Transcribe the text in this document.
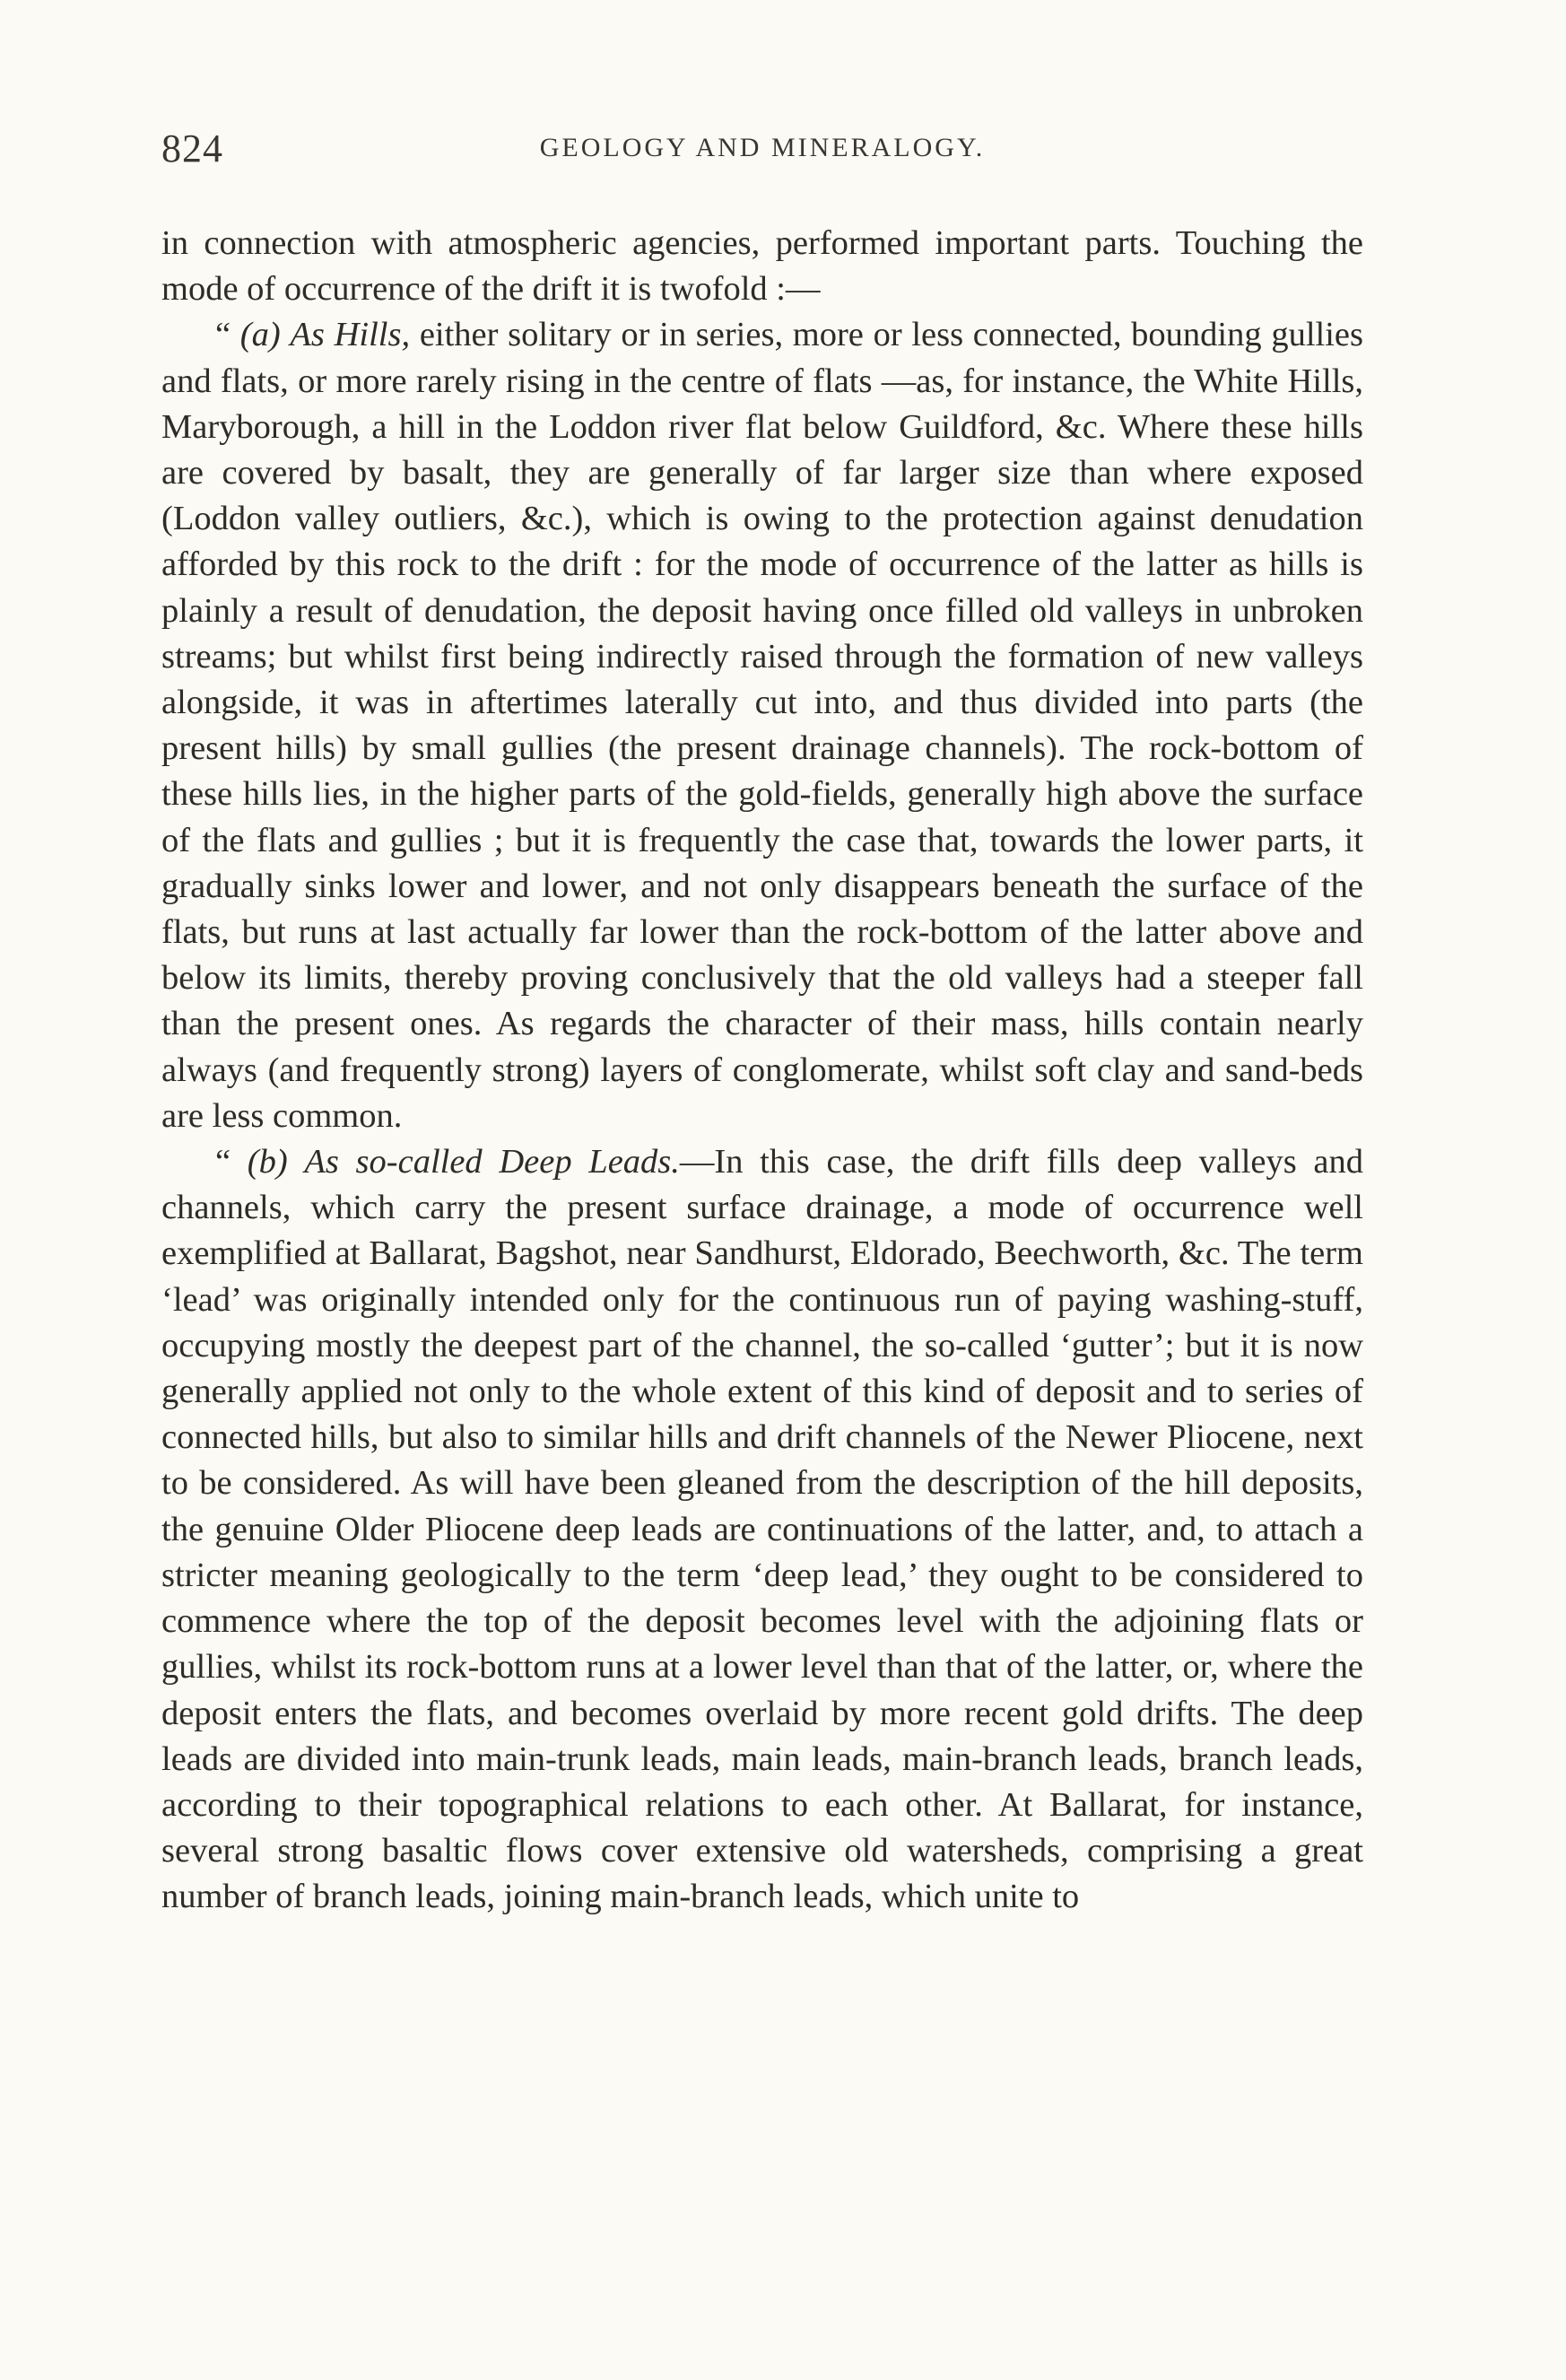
824	GEOLOGY AND MINERALOGY.

in connection with atmospheric agencies, performed important parts. Touching the mode of occurrence of the drift it is twofold :—

“ (a) As Hills, either solitary or in series, more or less connected, bounding gullies and flats, or more rarely rising in the centre of flats —as, for instance, the White Hills, Maryborough, a hill in the Loddon river flat below Guildford, &c. Where these hills are covered by basalt, they are generally of far larger size than where exposed (Loddon valley outliers, &c.), which is owing to the protection against denudation afforded by this rock to the drift : for the mode of occurrence of the latter as hills is plainly a result of denudation, the deposit having once filled old valleys in unbroken streams; but whilst first being indirectly raised through the formation of new valleys alongside, it was in aftertimes laterally cut into, and thus divided into parts (the present hills) by small gullies (the present drainage channels). The rock-bottom of these hills lies, in the higher parts of the gold-fields, generally high above the surface of the flats and gullies ; but it is frequently the case that, towards the lower parts, it gradually sinks lower and lower, and not only disappears beneath the surface of the flats, but runs at last actually far lower than the rock-bottom of the latter above and below its limits, thereby proving conclusively that the old valleys had a steeper fall than the present ones. As regards the character of their mass, hills contain nearly always (and frequently strong) layers of conglomerate, whilst soft clay and sand-beds are less common.

“ (b) As so-called Deep Leads.—In this case, the drift fills deep valleys and channels, which carry the present surface drainage, a mode of occurrence well exemplified at Ballarat, Bagshot, near Sandhurst, Eldorado, Beechworth, &c. The term ‘lead’ was originally intended only for the continuous run of paying washing-stuff, occupying mostly the deepest part of the channel, the so-called ‘gutter’; but it is now generally applied not only to the whole extent of this kind of deposit and to series of connected hills, but also to similar hills and drift channels of the Newer Pliocene, next to be considered. As will have been gleaned from the description of the hill deposits, the genuine Older Pliocene deep leads are continuations of the latter, and, to attach a stricter meaning geologically to the term ‘deep lead,’ they ought to be considered to commence where the top of the deposit becomes level with the adjoining flats or gullies, whilst its rock-bottom runs at a lower level than that of the latter, or, where the deposit enters the flats, and becomes overlaid by more recent gold drifts. The deep leads are divided into main-trunk leads, main leads, main-branch leads, branch leads, according to their topographical relations to each other. At Ballarat, for instance, several strong basaltic flows cover extensive old watersheds, comprising a great number of branch leads, joining main-branch leads, which unite to
